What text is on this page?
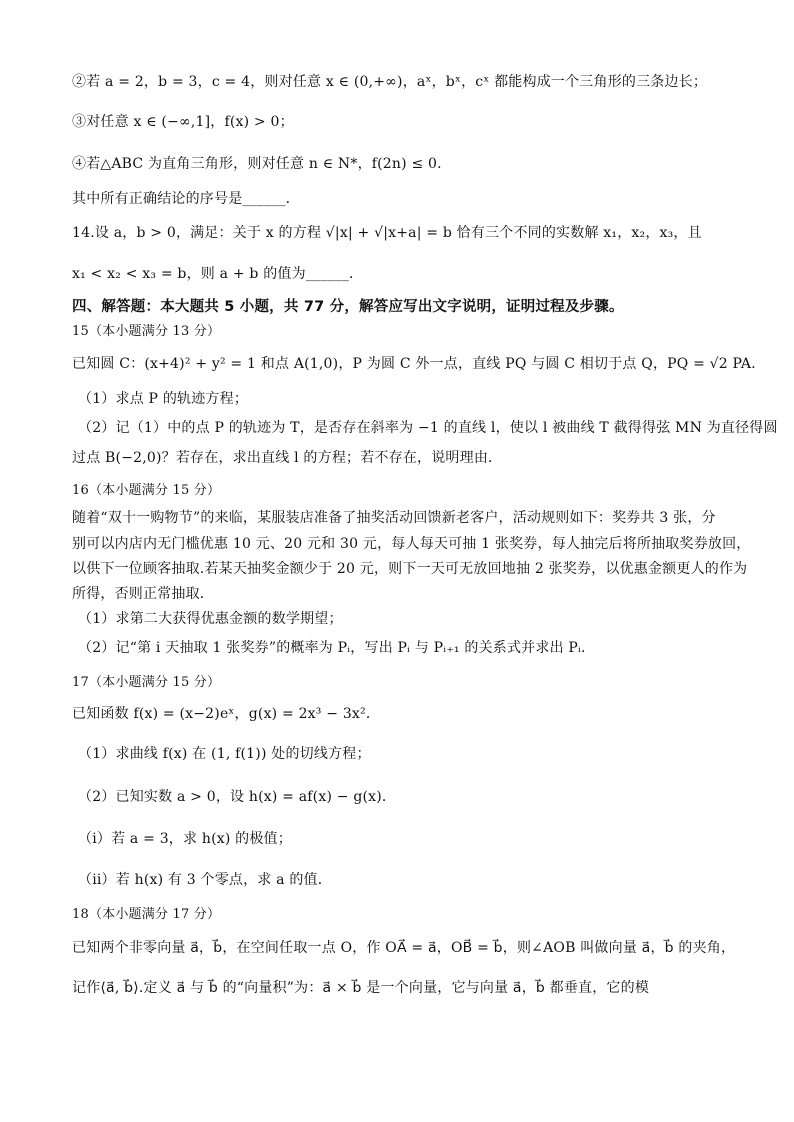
②若 a = 2，b = 3，c = 4，则对任意 x ∈ (0,+∞)，aˣ，bˣ，cˣ 都能构成一个三角形的三条边长；
③对任意 x ∈ (−∞,1]，f(x) > 0；
④若△ABC 为直角三角形，则对任意 n ∈ N*，f(2n) ≤ 0．
其中所有正确结论的序号是______．
14.设 a，b > 0，满足：关于 x 的方程 √|x| + √|x+a| = b 恰有三个不同的实数解 x₁，x₂，x₃，且
x₁ < x₂ < x₃ = b，则 a + b 的值为______．
四、解答题：本大题共 5 小题，共 77 分，解答应写出文字说明，证明过程及步骤。
15（本小题满分 13 分）
已知圆 C：(x+4)² + y² = 1 和点 A(1,0)，P 为圆 C 外一点，直线 PQ 与圆 C 相切于点 Q，PQ = √2 PA．
（1）求点 P 的轨迹方程；
（2）记（1）中的点 P 的轨迹为 T，是否存在斜率为 −1 的直线 l，使以 l 被曲线 T 截得得弦 MN 为直径得圆
过点 B(−2,0)？若存在，求出直线 l 的方程；若不存在，说明理由．
16（本小题满分 15 分）
随着“双十一购物节”的来临，某服装店准备了抽奖活动回馈新老客户，活动规则如下：奖券共 3 张，分
别可以内店内无门槛优惠 10 元、20 元和 30 元，每人每天可抽 1 张奖券，每人抽完后将所抽取奖券放回，
以供下一位顾客抽取.若某天抽奖金额少于 20 元，则下一天可无放回地抽 2 张奖券，以优惠金额更人的作为
所得，否则正常抽取．
（1）求第二大获得优惠金额的数学期望；
（2）记“第 i 天抽取 1 张奖券”的概率为 Pᵢ，写出 Pᵢ 与 Pᵢ₊₁ 的关系式并求出 Pᵢ．
17（本小题满分 15 分）
已知函数 f(x) = (x−2)eˣ，g(x) = 2x³ − 3x²．
（1）求曲线 f(x) 在 (1, f(1)) 处的切线方程；
（2）已知实数 a > 0，设 h(x) = af(x) − g(x)．
（i）若 a = 3，求 h(x) 的极值；
（ii）若 h(x) 有 3 个零点，求 a 的值．
18（本小题满分 17 分）
已知两个非零向量 a⃗，b⃗，在空间任取一点 O，作 OA⃗ = a⃗，OB⃗ = b⃗，则∠AOB 叫做向量 a⃗，b⃗ 的夹角，
记作⟨a⃗, b⃗⟩.定义 a⃗ 与 b⃗ 的“向量积”为：a⃗ × b⃗ 是一个向量，它与向量 a⃗，b⃗ 都垂直，它的模
